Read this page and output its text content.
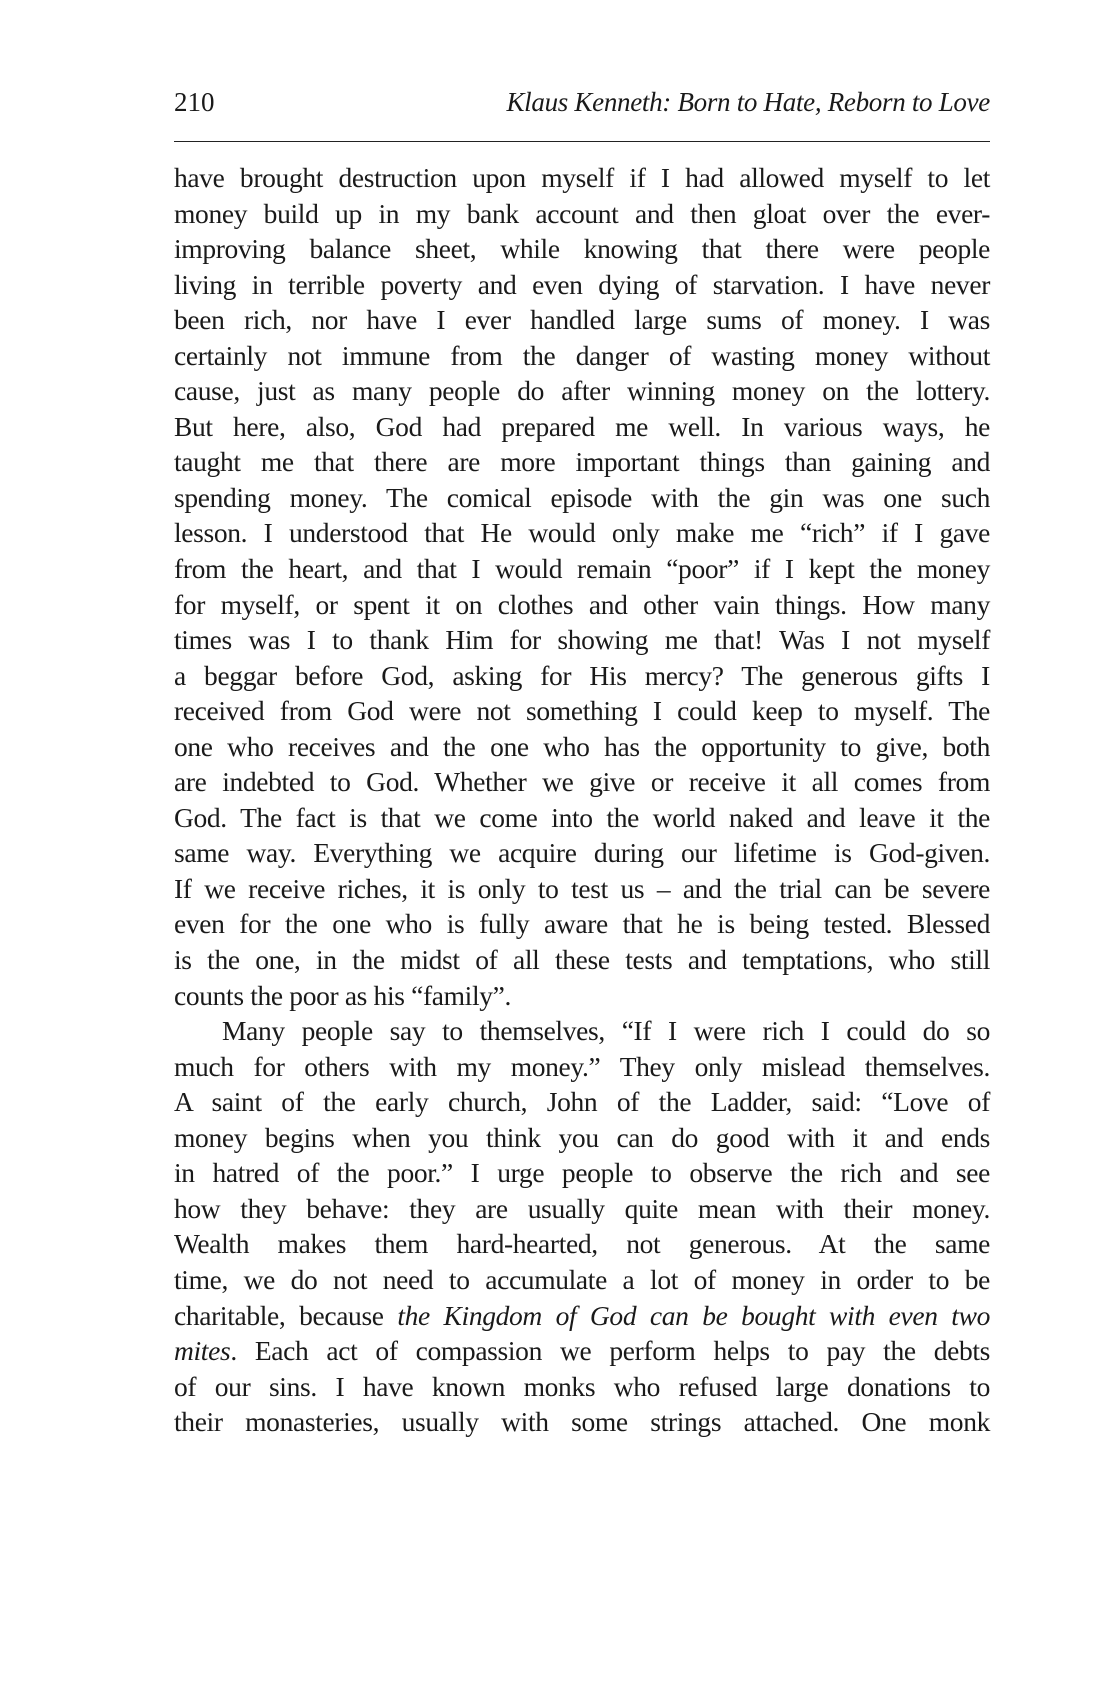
210	Klaus Kenneth: Born to Hate, Reborn to Love
have brought destruction upon myself if I had allowed myself to let
money build up in my bank account and then gloat over the ever-
improving balance sheet, while knowing that there were people
living in terrible poverty and even dying of starvation. I have never
been rich, nor have I ever handled large sums of money. I was
certainly not immune from the danger of wasting money without
cause, just as many people do after winning money on the lottery.
But here, also, God had prepared me well. In various ways, he
taught me that there are more important things than gaining and
spending money. The comical episode with the gin was one such
lesson. I understood that He would only make me “rich” if I gave
from the heart, and that I would remain “poor” if I kept the money
for myself, or spent it on clothes and other vain things. How many
times was I to thank Him for showing me that! Was I not myself
a beggar before God, asking for His mercy? The generous gifts I
received from God were not something I could keep to myself. The
one who receives and the one who has the opportunity to give, both
are indebted to God. Whether we give or receive it all comes from
God. The fact is that we come into the world naked and leave it the
same way. Everything we acquire during our lifetime is God-given.
If we receive riches, it is only to test us – and the trial can be severe
even for the one who is fully aware that he is being tested. Blessed
is the one, in the midst of all these tests and temptations, who still
counts the poor as his “family”.
Many people say to themselves, “If I were rich I could do so
much for others with my money.” They only mislead themselves.
A saint of the early church, John of the Ladder, said: “Love of
money begins when you think you can do good with it and ends
in hatred of the poor.” I urge people to observe the rich and see
how they behave: they are usually quite mean with their money.
Wealth makes them hard-hearted, not generous. At the same
time, we do not need to accumulate a lot of money in order to be
charitable, because the Kingdom of God can be bought with even two
mites. Each act of compassion we perform helps to pay the debts
of our sins. I have known monks who refused large donations to
their monasteries, usually with some strings attached. One monk
